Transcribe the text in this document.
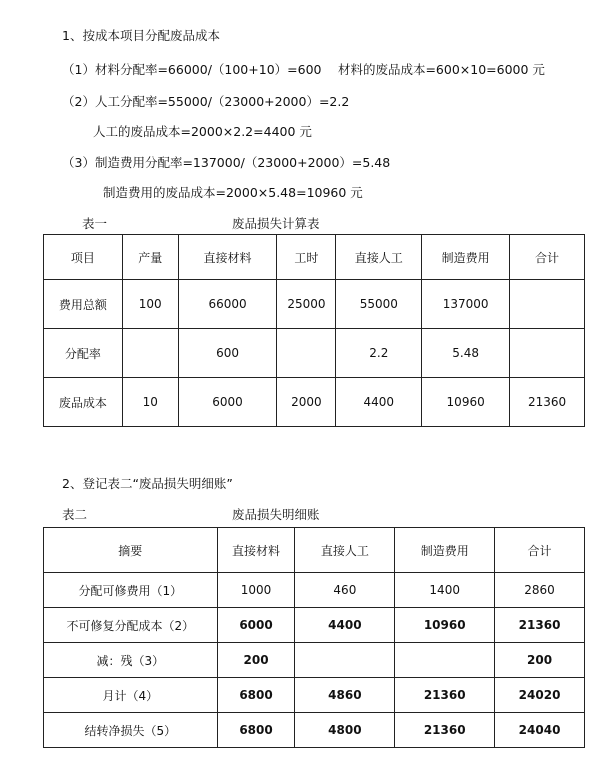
1、按成本项目分配废品成本
（1）材料分配率=66000/（100+10）=600　 材料的废品成本=600×10=6000 元
（2）人工分配率=55000/（23000+2000）=2.2
人工的废品成本=2000×2.2=4400 元
（3）制造费用分配率=137000/（23000+2000）=5.48
制造费用的废品成本=2000×5.48=10960 元
表一	废品损失计算表
项目	产量	直接材料	工时	直接人工	制造费用	合计
费用总额	100	66000	25000	55000	137000	
分配率		600		2.2	5.48	
废品成本	10	6000	2000	4400	10960	21360
2、登记表二“废品损失明细账”
表二	废品损失明细账
摘要	直接材料	直接人工	制造费用	合计
分配可修费用（1）	1000	460	1400	2860
不可修复分配成本（2）	6000	4400	10960	21360
减：残（3）	200			200
月计（4）	6800	4860	21360	24020
结转净损失（5）	6800	4800	21360	24040
